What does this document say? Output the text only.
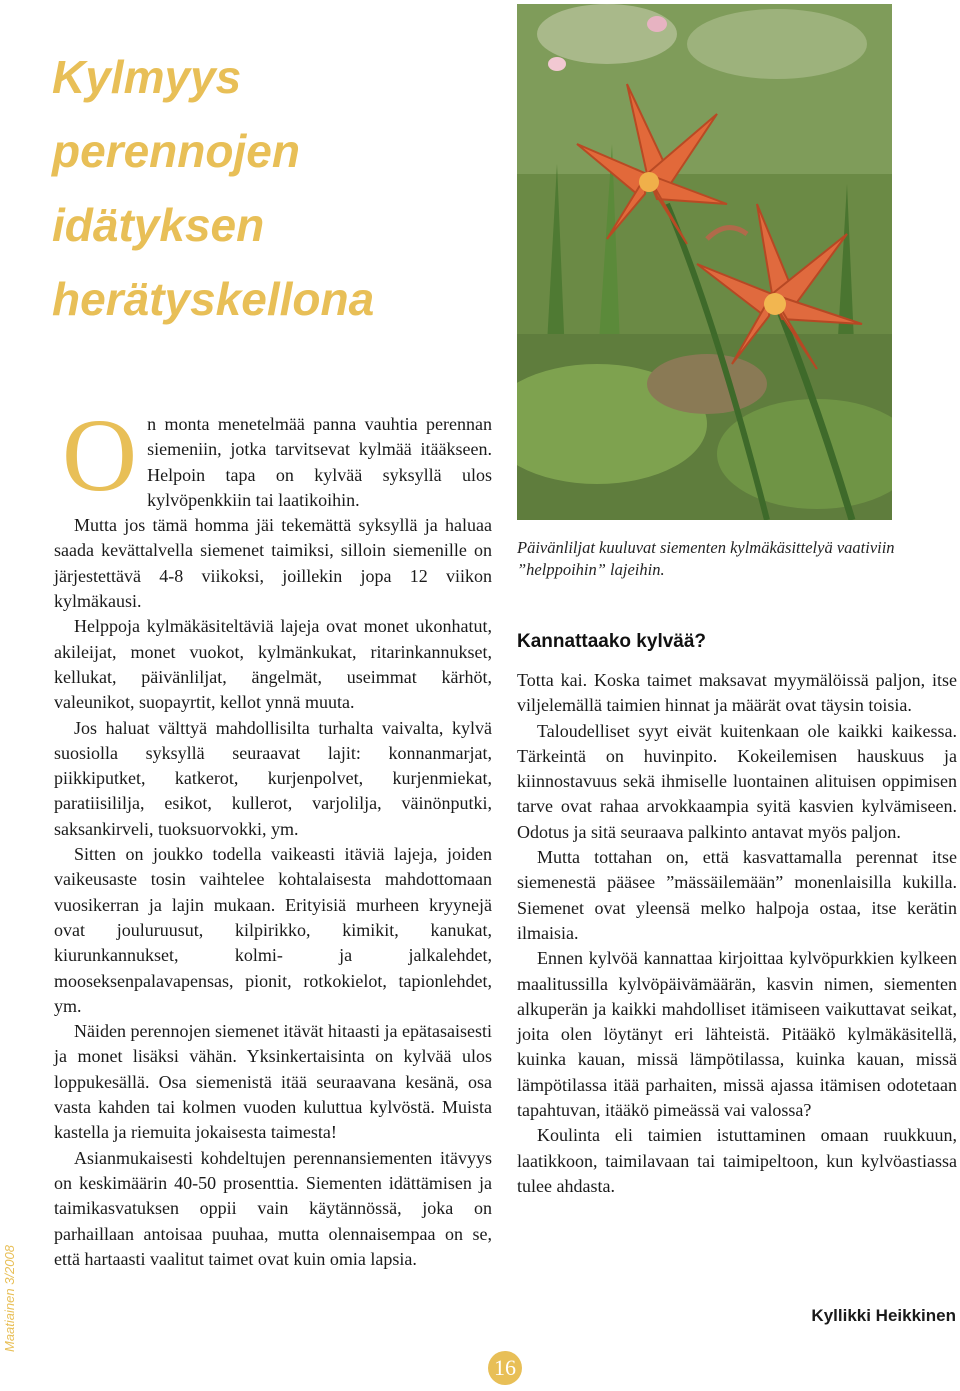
Kylmyys
perennojen
idätyksen
herätyskellona

Päivänliljat kuuluvat siementen kylmäkäsittelyä vaativiin ”helppoihin” lajeihin.

On monta menetelmää panna vauhtia perennan siemeniin, jotka tarvitsevat kylmää itääkseen. Helpoin tapa on kylvää syksyllä ulos kylvöpenkkiin tai laatikoihin.

Mutta jos tämä homma jäi tekemättä syksyllä ja haluaa saada kevättalvella siemenet taimiksi, silloin siemenille on järjestettävä 4-8 viikoksi, joillekin jopa 12 viikon kylmäkausi.

Helppoja kylmäkäsiteltäviä lajeja ovat monet ukonhatut, akileijat, monet vuokot, kylmänkukat, ritarinkannukset, kellukat, päivänliljat, ängelmät, useimmat kärhöt, valeunikot, suopayrtit, kellot ynnä muuta.

Jos haluat välttyä mahdollisilta turhalta vaivalta, kylvä suosiolla syksyllä seuraavat lajit: konnanmarjat, piikkiputket, katkerot, kurjenpolvet, kurjenmiekat, paratiisililja, esikot, kullerot, varjolilja, väinönputki, saksankirveli, tuoksuorvokki, ym.

Sitten on joukko todella vaikeasti itäviä lajeja, joiden vaikeusaste tosin vaihtelee kohtalaisesta mahdottomaan vuosikerran ja lajin mukaan. Erityisiä murheen kryynejä ovat jouluruusut, kilpirikko, kimikit, kanukat, kiurunkannukset, kolmi- ja jalkalehdet, mooseksenpalavapensas, pionit, rotkokielot, tapionlehdet, ym.

Näiden perennojen siemenet itävät hitaasti ja epätasaisesti ja monet lisäksi vähän. Yksinkertaisinta on kylvää ulos loppukesällä. Osa siemenistä itää seuraavana kesänä, osa vasta kahden tai kolmen vuoden kuluttua kylvöstä. Muista kastella ja riemuita jokaisesta taimesta!

Asianmukaisesti kohdeltujen perennansiementen itävyys on keskimäärin 40-50 prosenttia. Siementen idättämisen ja taimikasvatuksen oppii vain käytännössä, joka on parhaillaan antoisaa puuhaa, mutta olennaisempaa on se, että hartaasti vaalitut taimet ovat kuin omia lapsia.

Kannattaako kylvää?

Totta kai. Koska taimet maksavat myymälöissä paljon, itse viljelemällä taimien hinnat ja määrät ovat täysin toisia.

Taloudelliset syyt eivät kuitenkaan ole kaikki kaikessa. Tärkeintä on huvinpito. Kokeilemisen hauskuus ja kiinnostavuus sekä ihmiselle luontainen alituisen oppimisen tarve ovat rahaa arvokkaampia syitä kasvien kylvämiseen. Odotus ja sitä seuraava palkinto antavat myös paljon.

Mutta tottahan on, että kasvattamalla perennat itse siemenestä pääsee ”mässäilemään” monenlaisilla kukilla. Siemenet ovat yleensä melko halpoja ostaa, itse kerätin ilmaisia.

Ennen kylvöä kannattaa kirjoittaa kylvöpurkkien kylkeen maalitussilla kylvöpäivämäärän, kasvin nimen, siementen alkuperän ja kaikki mahdolliset itämiseen vaikuttavat seikat, joita olen löytänyt eri lähteistä. Pitääkö kylmäkäsitellä, kuinka kauan, missä lämpötilassa, kuinka kauan, missä lämpötilassa itää parhaiten, missä ajassa itämisen odotetaan tapahtuvan, itääkö pimeässä vai valossa?

Koulinta eli taimien istuttaminen omaan ruukkuun, laatikkoon, taimilavaan tai taimipeltoon, kun kylvöastiassa tulee ahdasta.

Kyllikki Heikkinen

Maatiainen 3/2008

16
